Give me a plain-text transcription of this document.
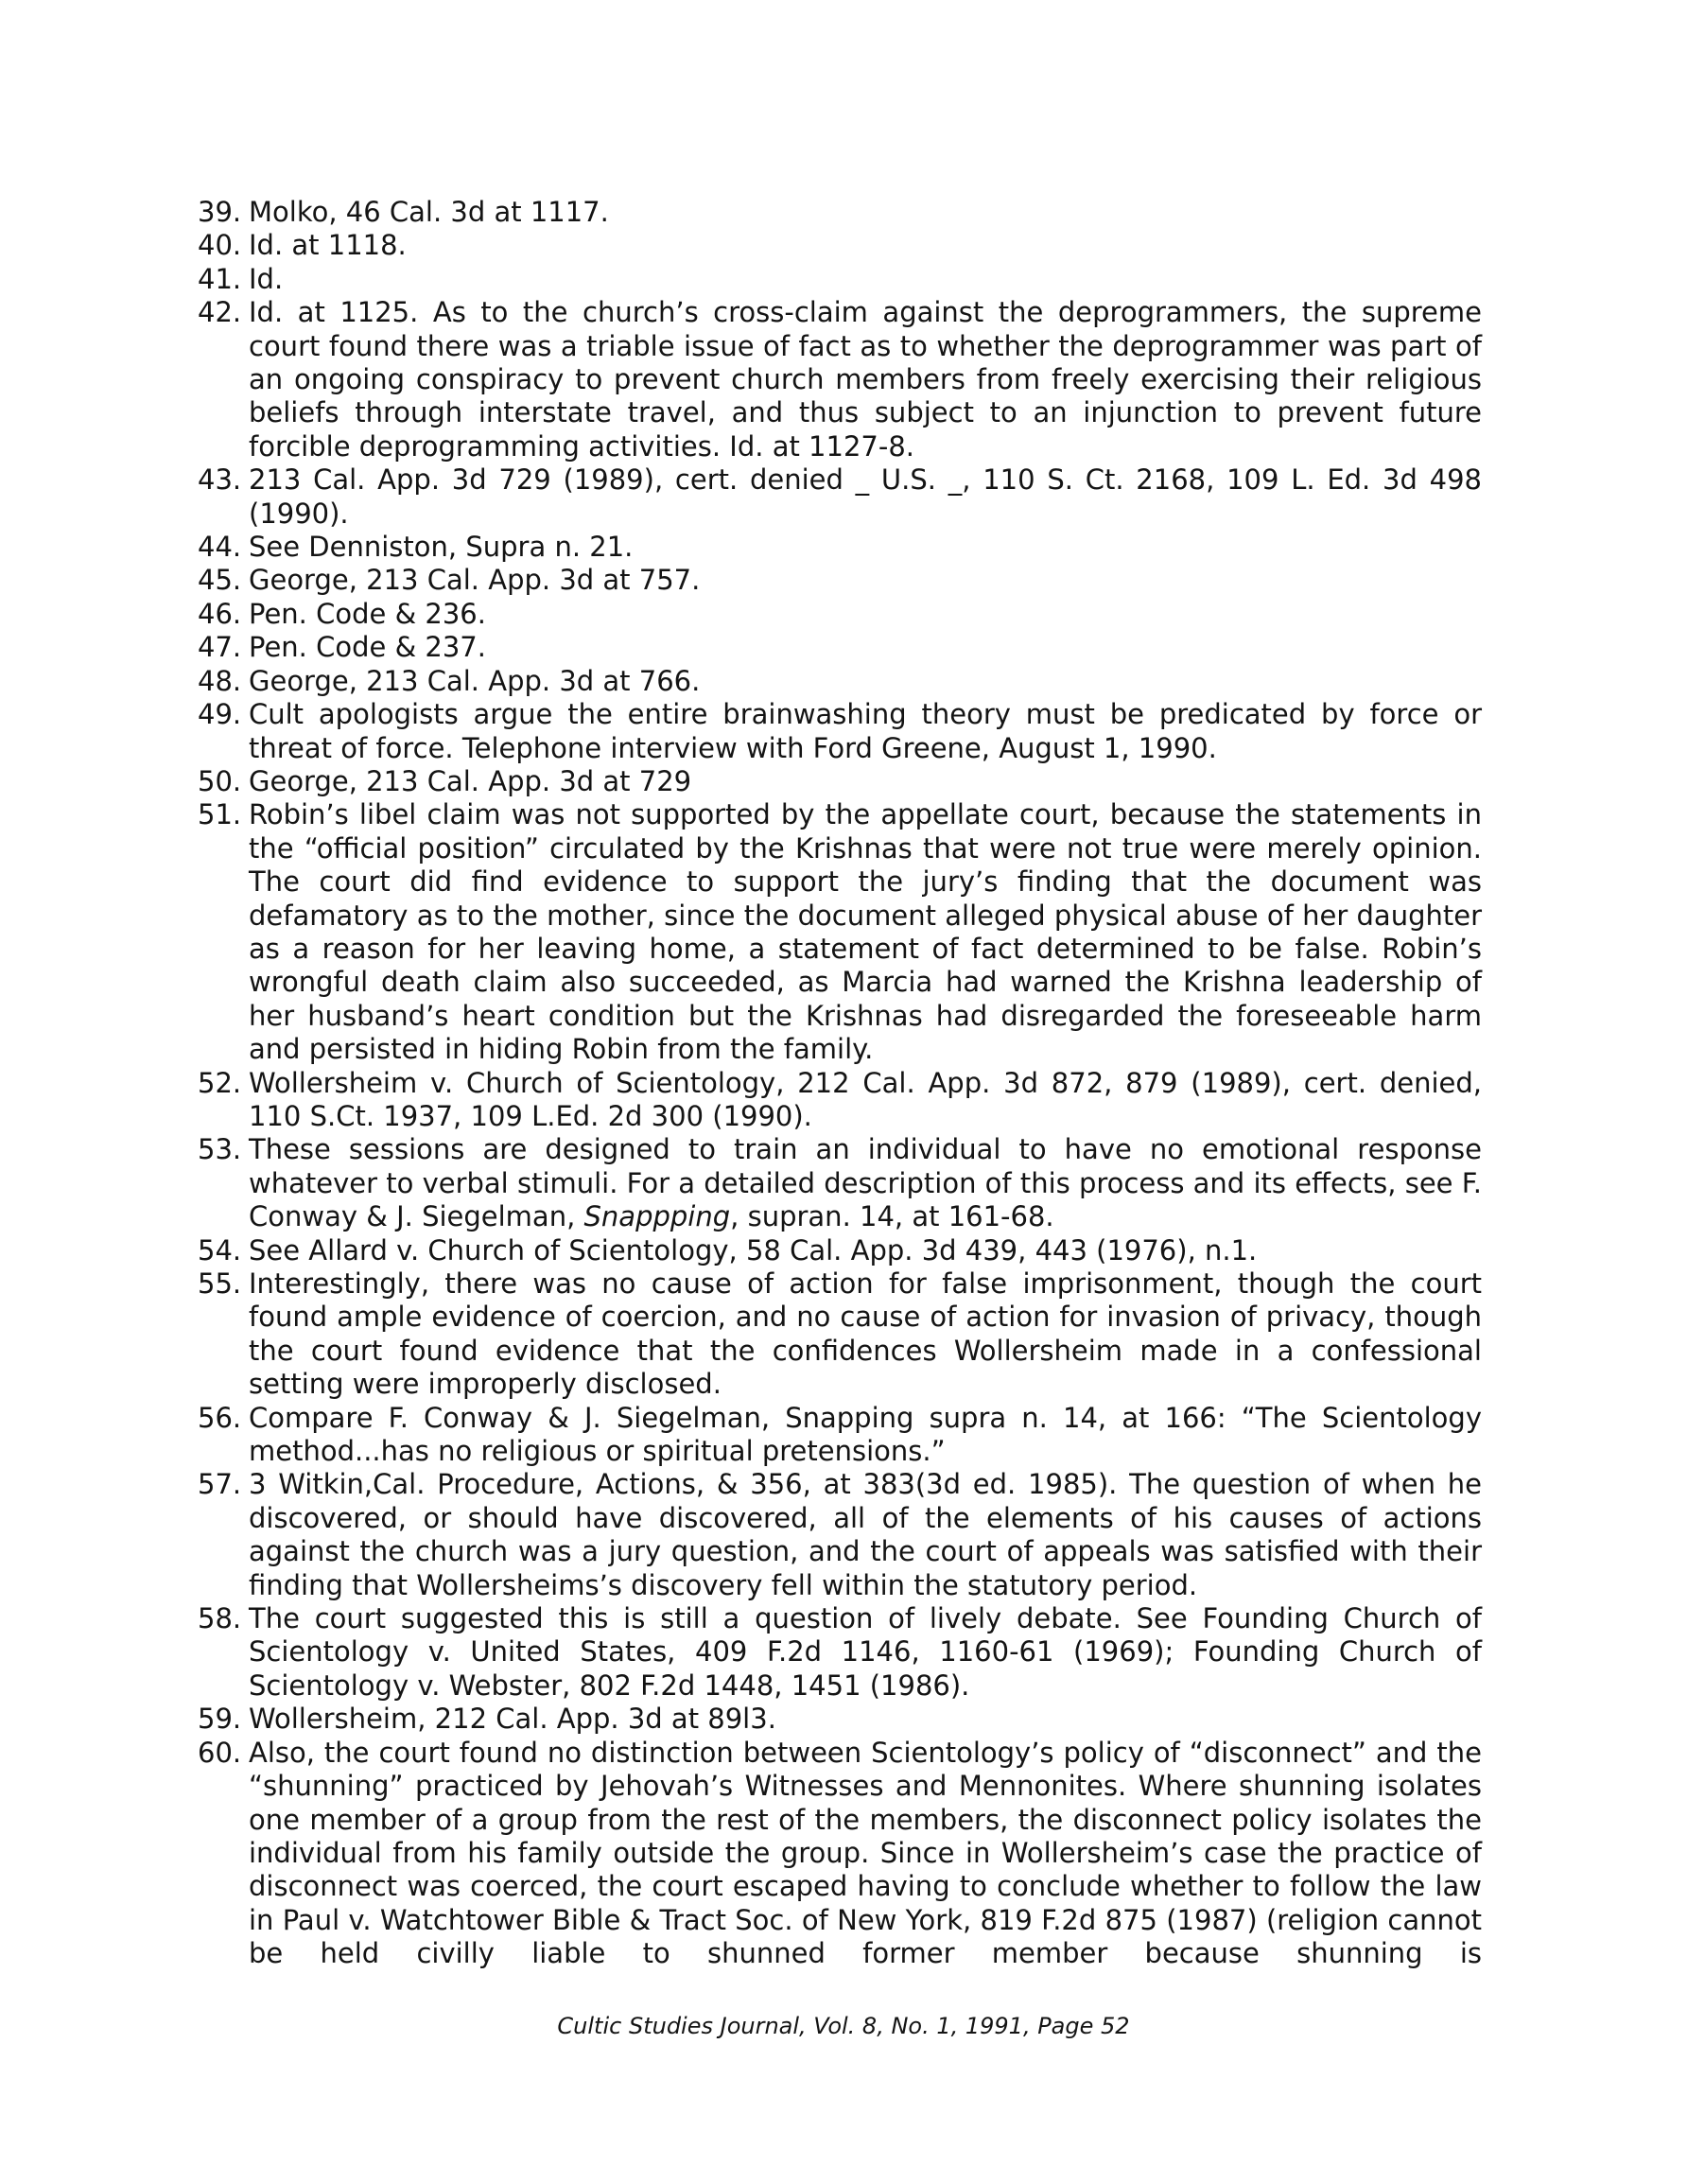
39. Molko, 46 Cal. 3d at 1117.
40. Id. at 1118.
41. Id.
42. Id. at 1125. As to the church’s cross-claim against the deprogrammers, the supreme court found there was a triable issue of fact as to whether the deprogrammer was part of an ongoing conspiracy to prevent church members from freely exercising their religious beliefs through interstate travel, and thus subject to an injunction to prevent future forcible deprogramming activities. Id. at 1127-8.
43. 213 Cal. App. 3d 729 (1989), cert. denied _ U.S. _, 110 S. Ct. 2168, 109 L. Ed. 3d 498 (1990).
44. See Denniston, Supra n. 21.
45. George, 213 Cal. App. 3d at 757.
46. Pen. Code & 236.
47. Pen. Code & 237.
48. George, 213 Cal. App. 3d at 766.
49. Cult apologists argue the entire brainwashing theory must be predicated by force or threat of force. Telephone interview with Ford Greene, August 1, 1990.
50. George, 213 Cal. App. 3d at 729
51. Robin’s libel claim was not supported by the appellate court, because the statements in the “official position” circulated by the Krishnas that were not true were merely opinion. The court did find evidence to support the jury’s finding that the document was defamatory as to the mother, since the document alleged physical abuse of her daughter as a reason for her leaving home, a statement of fact determined to be false. Robin’s wrongful death claim also succeeded, as Marcia had warned the Krishna leadership of her husband’s heart condition but the Krishnas had disregarded the foreseeable harm and persisted in hiding Robin from the family.
52. Wollersheim v. Church of Scientology, 212 Cal. App. 3d 872, 879 (1989), cert. denied, 110 S.Ct. 1937, 109 L.Ed. 2d 300 (1990).
53. These sessions are designed to train an individual to have no emotional response whatever to verbal stimuli. For a detailed description of this process and its effects, see F. Conway & J. Siegelman, Snappping, supran. 14, at 161-68.
54. See Allard v. Church of Scientology, 58 Cal. App. 3d 439, 443 (1976), n.1.
55. Interestingly, there was no cause of action for false imprisonment, though the court found ample evidence of coercion, and no cause of action for invasion of privacy, though the court found evidence that the confidences Wollersheim made in a confessional setting were improperly disclosed.
56. Compare F. Conway & J. Siegelman, Snapping supra n. 14, at 166: “The Scientology method...has no religious or spiritual pretensions.”
57. 3 Witkin,Cal. Procedure, Actions, & 356, at 383(3d ed. 1985). The question of when he discovered, or should have discovered, all of the elements of his causes of actions against the church was a jury question, and the court of appeals was satisfied with their finding that Wollersheims’s discovery fell within the statutory period.
58. The court suggested this is still a question of lively debate. See Founding Church of Scientology v. United States, 409 F.2d 1146, 1160-61 (1969); Founding Church of Scientology v. Webster, 802 F.2d 1448, 1451 (1986).
59. Wollersheim, 212 Cal. App. 3d at 89l3.
60. Also, the court found no distinction between Scientology’s policy of “disconnect” and the “shunning” practiced by Jehovah’s Witnesses and Mennonites. Where shunning isolates one member of a group from the rest of the members, the disconnect policy isolates the individual from his family outside the group. Since in Wollersheim’s case the practice of disconnect was coerced, the court escaped having to conclude whether to follow the law in Paul v. Watchtower Bible & Tract Soc. of New York, 819 F.2d 875 (1987) (religion cannot be held civilly liable to shunned former member because shunning is
Cultic Studies Journal, Vol. 8, No. 1, 1991, Page 52
